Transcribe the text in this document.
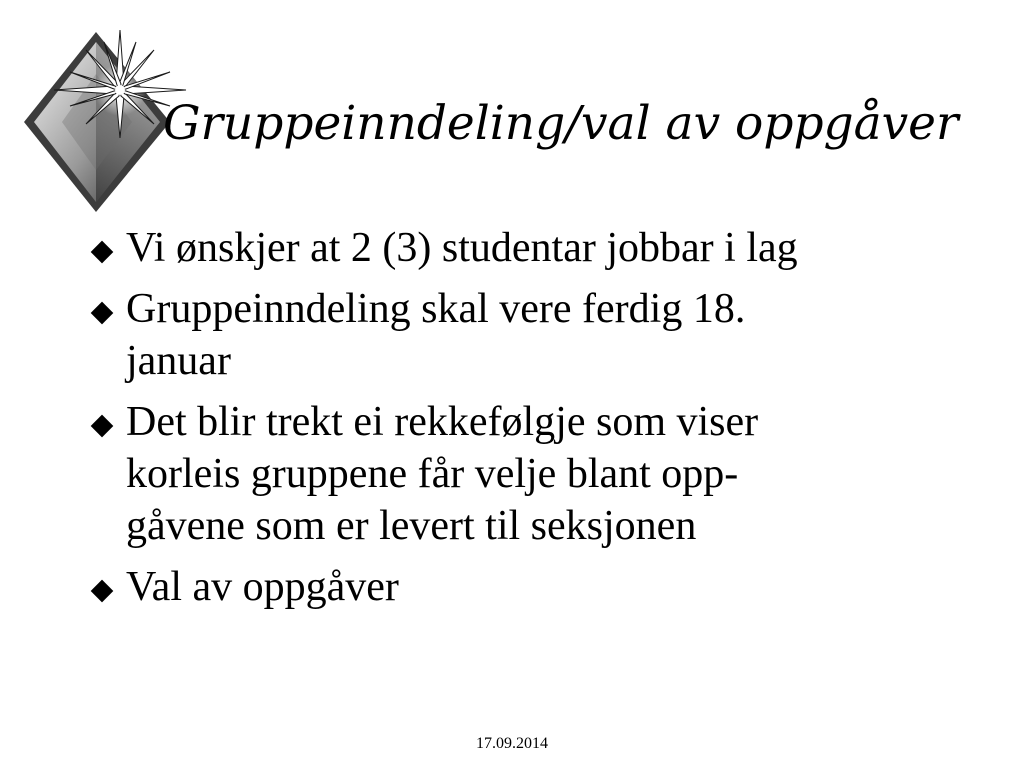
Gruppeinndeling/val av oppgåver
Vi ønskjer at 2 (3) studentar jobbar i lag
Gruppeinndeling skal vere ferdig 18.
januar
Det blir trekt ei rekkefølgje som viser
korleis gruppene får velje blant opp-
gåvene som er levert til seksjonen
Val av oppgåver
17.09.2014
